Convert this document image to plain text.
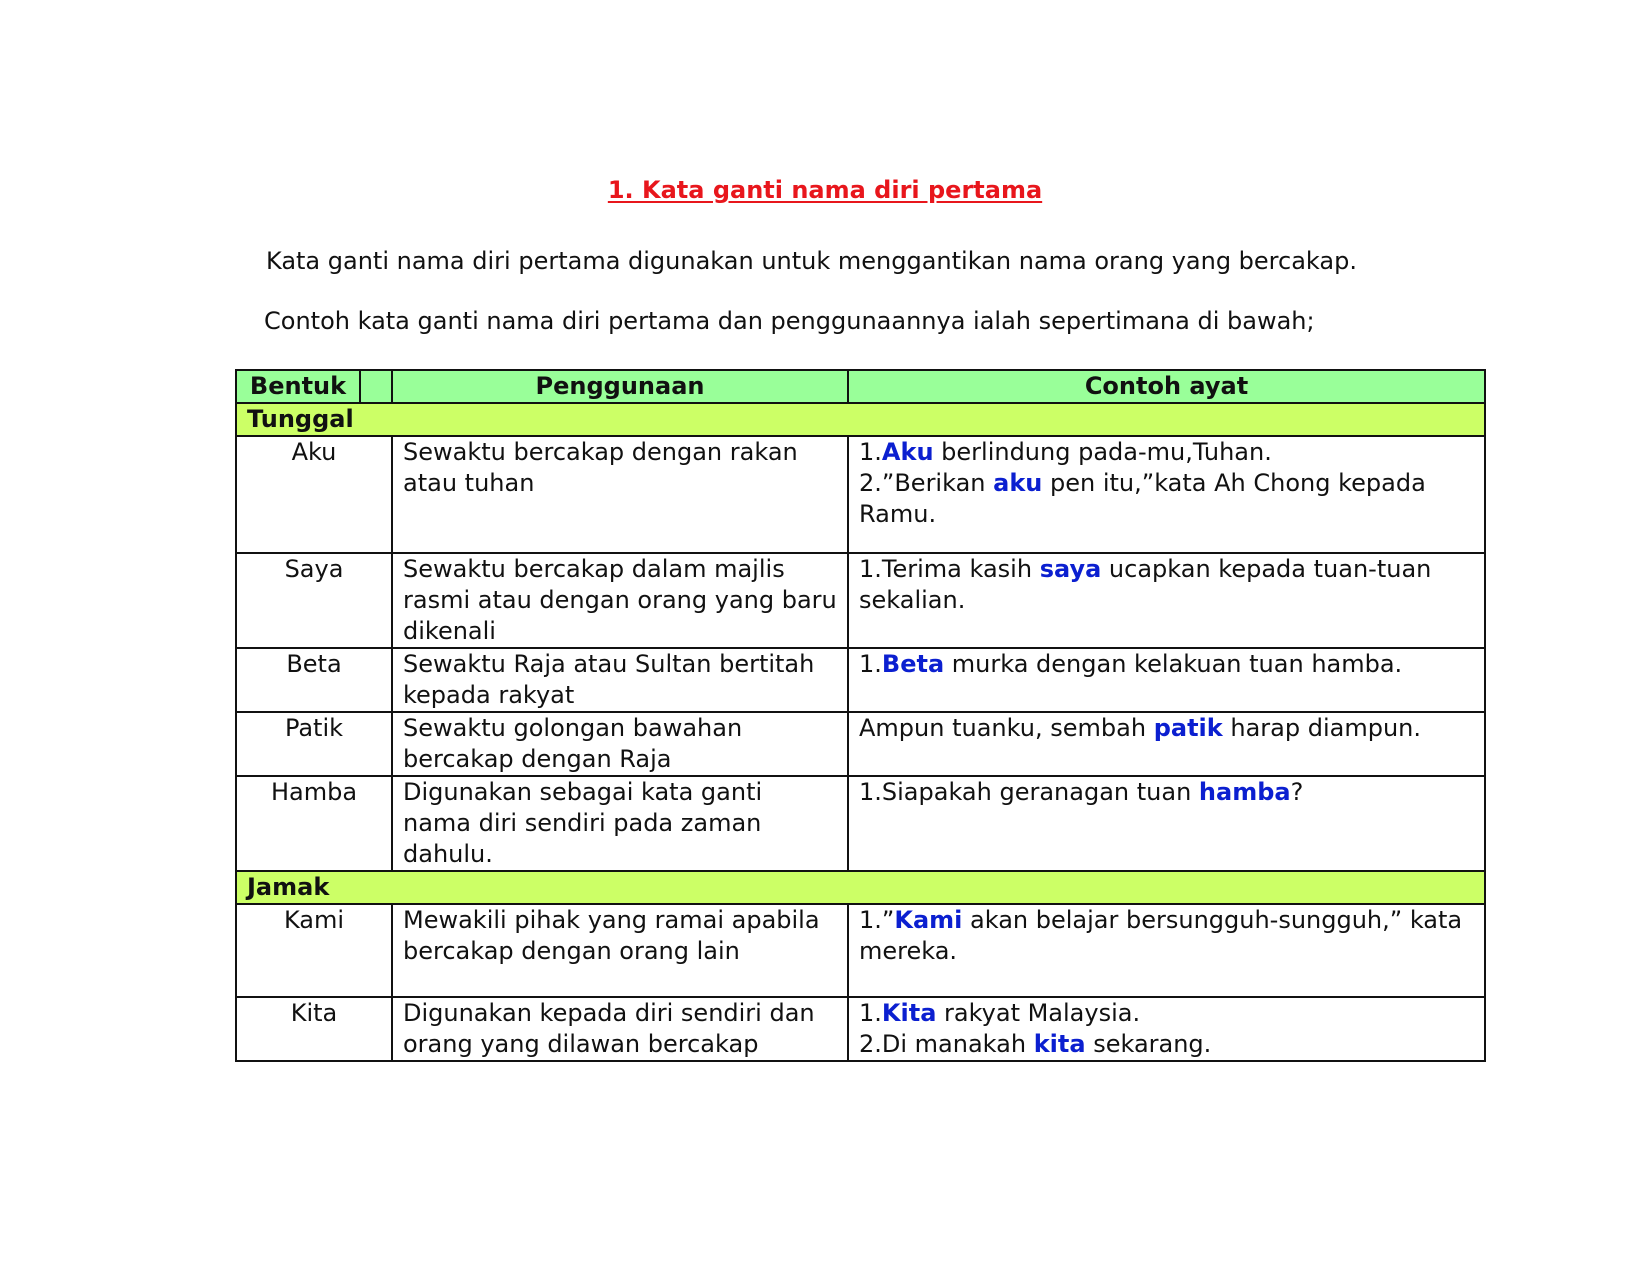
1. Kata ganti nama diri pertama
Kata ganti nama diri pertama digunakan untuk menggantikan nama orang yang bercakap.
Contoh kata ganti nama diri pertama dan penggunaannya ialah sepertimana di bawah;
Bentuk		Penggunaan	Contoh ayat
Tunggal			
Aku		Sewaktu bercakap dengan rakan atau tuhan	1.Aku berlindung pada-mu,Tuhan.
2.”Berikan aku pen itu,”kata Ah Chong kepada Ramu.

Saya		Sewaktu bercakap dalam majlis rasmi atau dengan orang yang baru dikenali	1.Terima kasih saya ucapkan kepada tuan-tuan sekalian.

Beta		Sewaktu Raja atau Sultan bertitah kepada rakyat	1.Beta murka dengan kelakuan tuan hamba.

Patik		Sewaktu golongan bawahan bercakap dengan Raja	Ampun tuanku, sembah patik harap diampun.

Hamba		Digunakan sebagai kata ganti nama diri sendiri pada zaman dahulu.	1.Siapakah geranagan tuan hamba?

Jamak			
Kami		Mewakili pihak yang ramai apabila bercakap dengan orang lain	1.”Kami akan belajar bersungguh-sungguh,” kata mereka.

Kita		Digunakan kepada diri sendiri dan orang yang dilawan bercakap	1.Kita rakyat Malaysia.
2.Di manakah kita sekarang.
